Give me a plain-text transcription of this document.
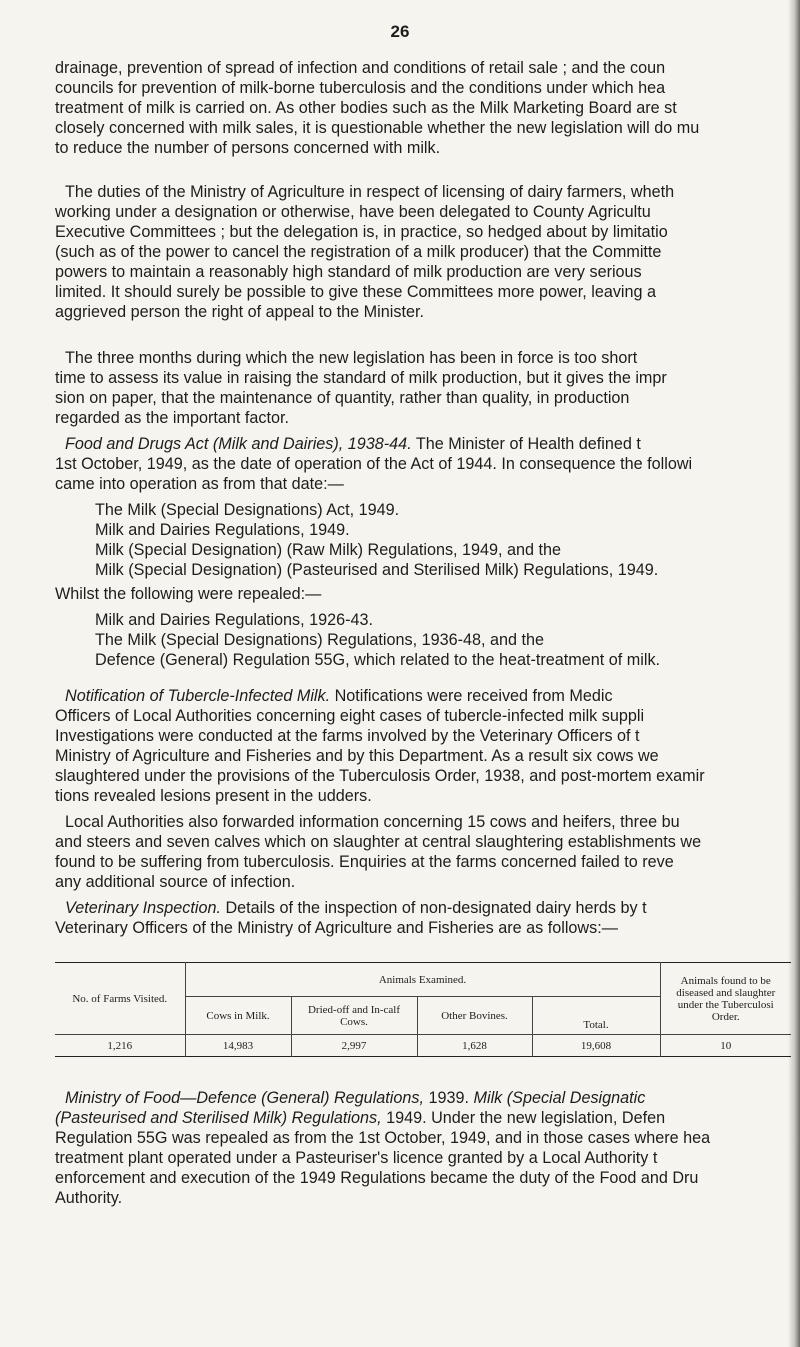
26

drainage, prevention of spread of infection and conditions of retail sale ; and the coun
councils for prevention of milk-borne tuberculosis and the conditions under which hea
treatment of milk is carried on. As other bodies such as the Milk Marketing Board are st
closely concerned with milk sales, it is questionable whether the new legislation will do mu
to reduce the number of persons concerned with milk.

The duties of the Ministry of Agriculture in respect of licensing of dairy farmers, wheth
working under a designation or otherwise, have been delegated to County Agricultu
Executive Committees ; but the delegation is, in practice, so hedged about by limitatio
(such as of the power to cancel the registration of a milk producer) that the Committe
powers to maintain a reasonably high standard of milk production are very serious
limited. It should surely be possible to give these Committees more power, leaving a
aggrieved person the right of appeal to the Minister.

The three months during which the new legislation has been in force is too short
time to assess its value in raising the standard of milk production, but it gives the impr
sion on paper, that the maintenance of quantity, rather than quality, in production
regarded as the important factor.

Food and Drugs Act (Milk and Dairies), 1938-44. The Minister of Health defined t
1st October, 1949, as the date of operation of the Act of 1944. In consequence the followi
came into operation as from that date:—

The Milk (Special Designations) Act, 1949.
Milk and Dairies Regulations, 1949.
Milk (Special Designation) (Raw Milk) Regulations, 1949, and the
Milk (Special Designation) (Pasteurised and Sterilised Milk) Regulations, 1949.

Whilst the following were repealed:—

Milk and Dairies Regulations, 1926-43.
The Milk (Special Designations) Regulations, 1936-48, and the
Defence (General) Regulation 55G, which related to the heat-treatment of milk.

Notification of Tubercle-Infected Milk. Notifications were received from Medic
Officers of Local Authorities concerning eight cases of tubercle-infected milk suppli
Investigations were conducted at the farms involved by the Veterinary Officers of t
Ministry of Agriculture and Fisheries and by this Department. As a result six cows we
slaughtered under the provisions of the Tuberculosis Order, 1938, and post-mortem examir
tions revealed lesions present in the udders.

Local Authorities also forwarded information concerning 15 cows and heifers, three bu
and steers and seven calves which on slaughter at central slaughtering establishments we
found to be suffering from tuberculosis. Enquiries at the farms concerned failed to reve
any additional source of infection.

Veterinary Inspection. Details of the inspection of non-designated dairy herds by t
Veterinary Officers of the Ministry of Agriculture and Fisheries are as follows:—

No. of Farms Visited.	Animals Examined.				Animals found to be diseased and slaughter under the Tuberculosi Order.
	Cows in Milk.	Dried-off and In-calf Cows.	Other Bovines.	Total.	
1,216	14,983	2,997	1,628	19,608	10

Ministry of Food—Defence (General) Regulations, 1939. Milk (Special Designatic
(Pasteurised and Sterilised Milk) Regulations, 1949. Under the new legislation, Defen
Regulation 55G was repealed as from the 1st October, 1949, and in those cases where hea
treatment plant operated under a Pasteuriser's licence granted by a Local Authority t
enforcement and execution of the 1949 Regulations became the duty of the Food and Dru
Authority.
